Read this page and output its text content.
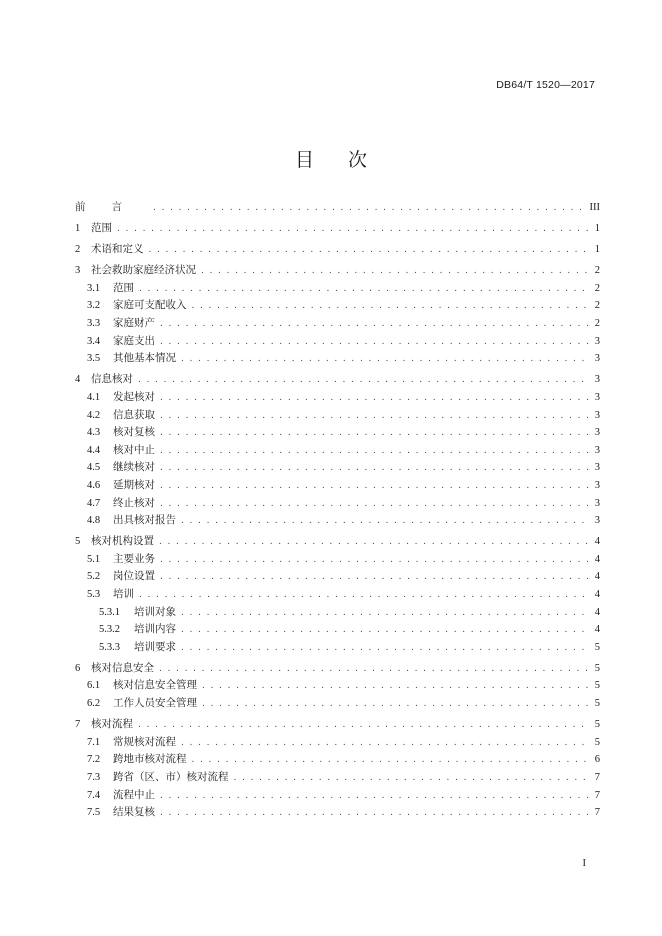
DB64/T 1520—2017
目次
前言 . . .	III
1	范围 . . .	1
2	术语和定义 . . .	1
3	社会救助家庭经济状况 . . .	2
3.1	范围 . . .	2
3.2	家庭可支配收入 . . .	2
3.3	家庭财产 . . .	2
3.4	家庭支出 . . .	3
3.5	其他基本情况 . . .	3
4	信息核对 . . .	3
4.1	发起核对 . . .	3
4.2	信息获取 . . .	3
4.3	核对复核 . . .	3
4.4	核对中止 . . .	3
4.5	继续核对 . . .	3
4.6	延期核对 . . .	3
4.7	终止核对 . . .	3
4.8	出具核对报告 . . .	3
5	核对机构设置 . . .	4
5.1	主要业务 . . .	4
5.2	岗位设置 . . .	4
5.3	培训 . . .	4
5.3.1	培训对象 . . .	4
5.3.2	培训内容 . . .	4
5.3.3	培训要求 . . .	5
6	核对信息安全 . . .	5
6.1	核对信息安全管理 . . .	5
6.2	工作人员安全管理 . . .	5
7	核对流程 . . .	5
7.1	常规核对流程 . . .	5
7.2	跨地市核对流程 . . .	6
7.3	跨省（区、市）核对流程 . . .	7
7.4	流程中止 . . .	7
7.5	结果复核 . . .	7
I
